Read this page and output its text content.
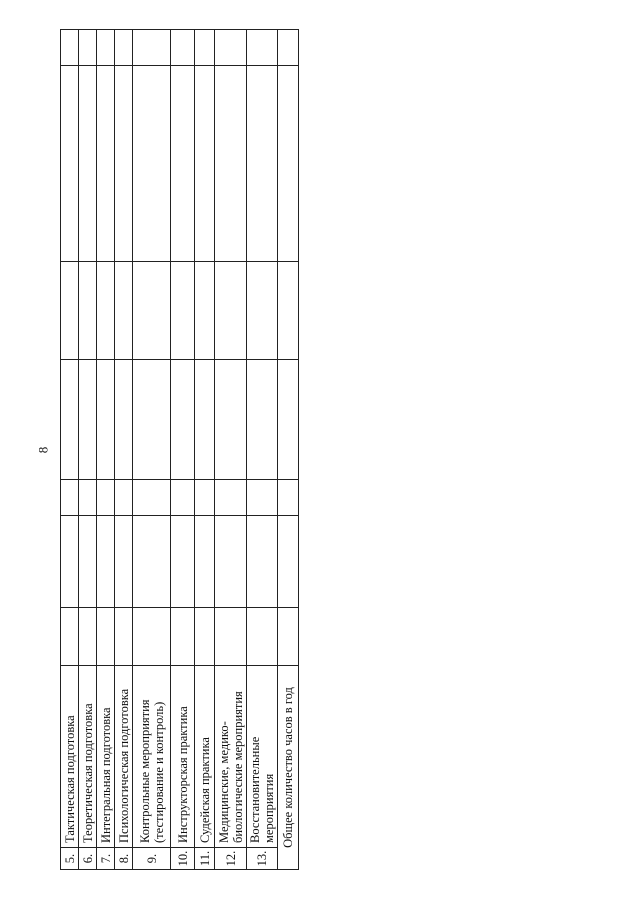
8
5.	Тактическая подготовка							
6.	Теоретическая подготовка							
7.	Интегральная подготовка							
8.	Психологическая подготовка							
9.	Контрольные мероприятия (тестирование и контроль)							
10.	Инструкторская практика							
11.	Судейская практика							
12.	Медицинские, медико-биологические мероприятия							
13.	Восстановительные мероприятия							
Общее количество часов в год								
